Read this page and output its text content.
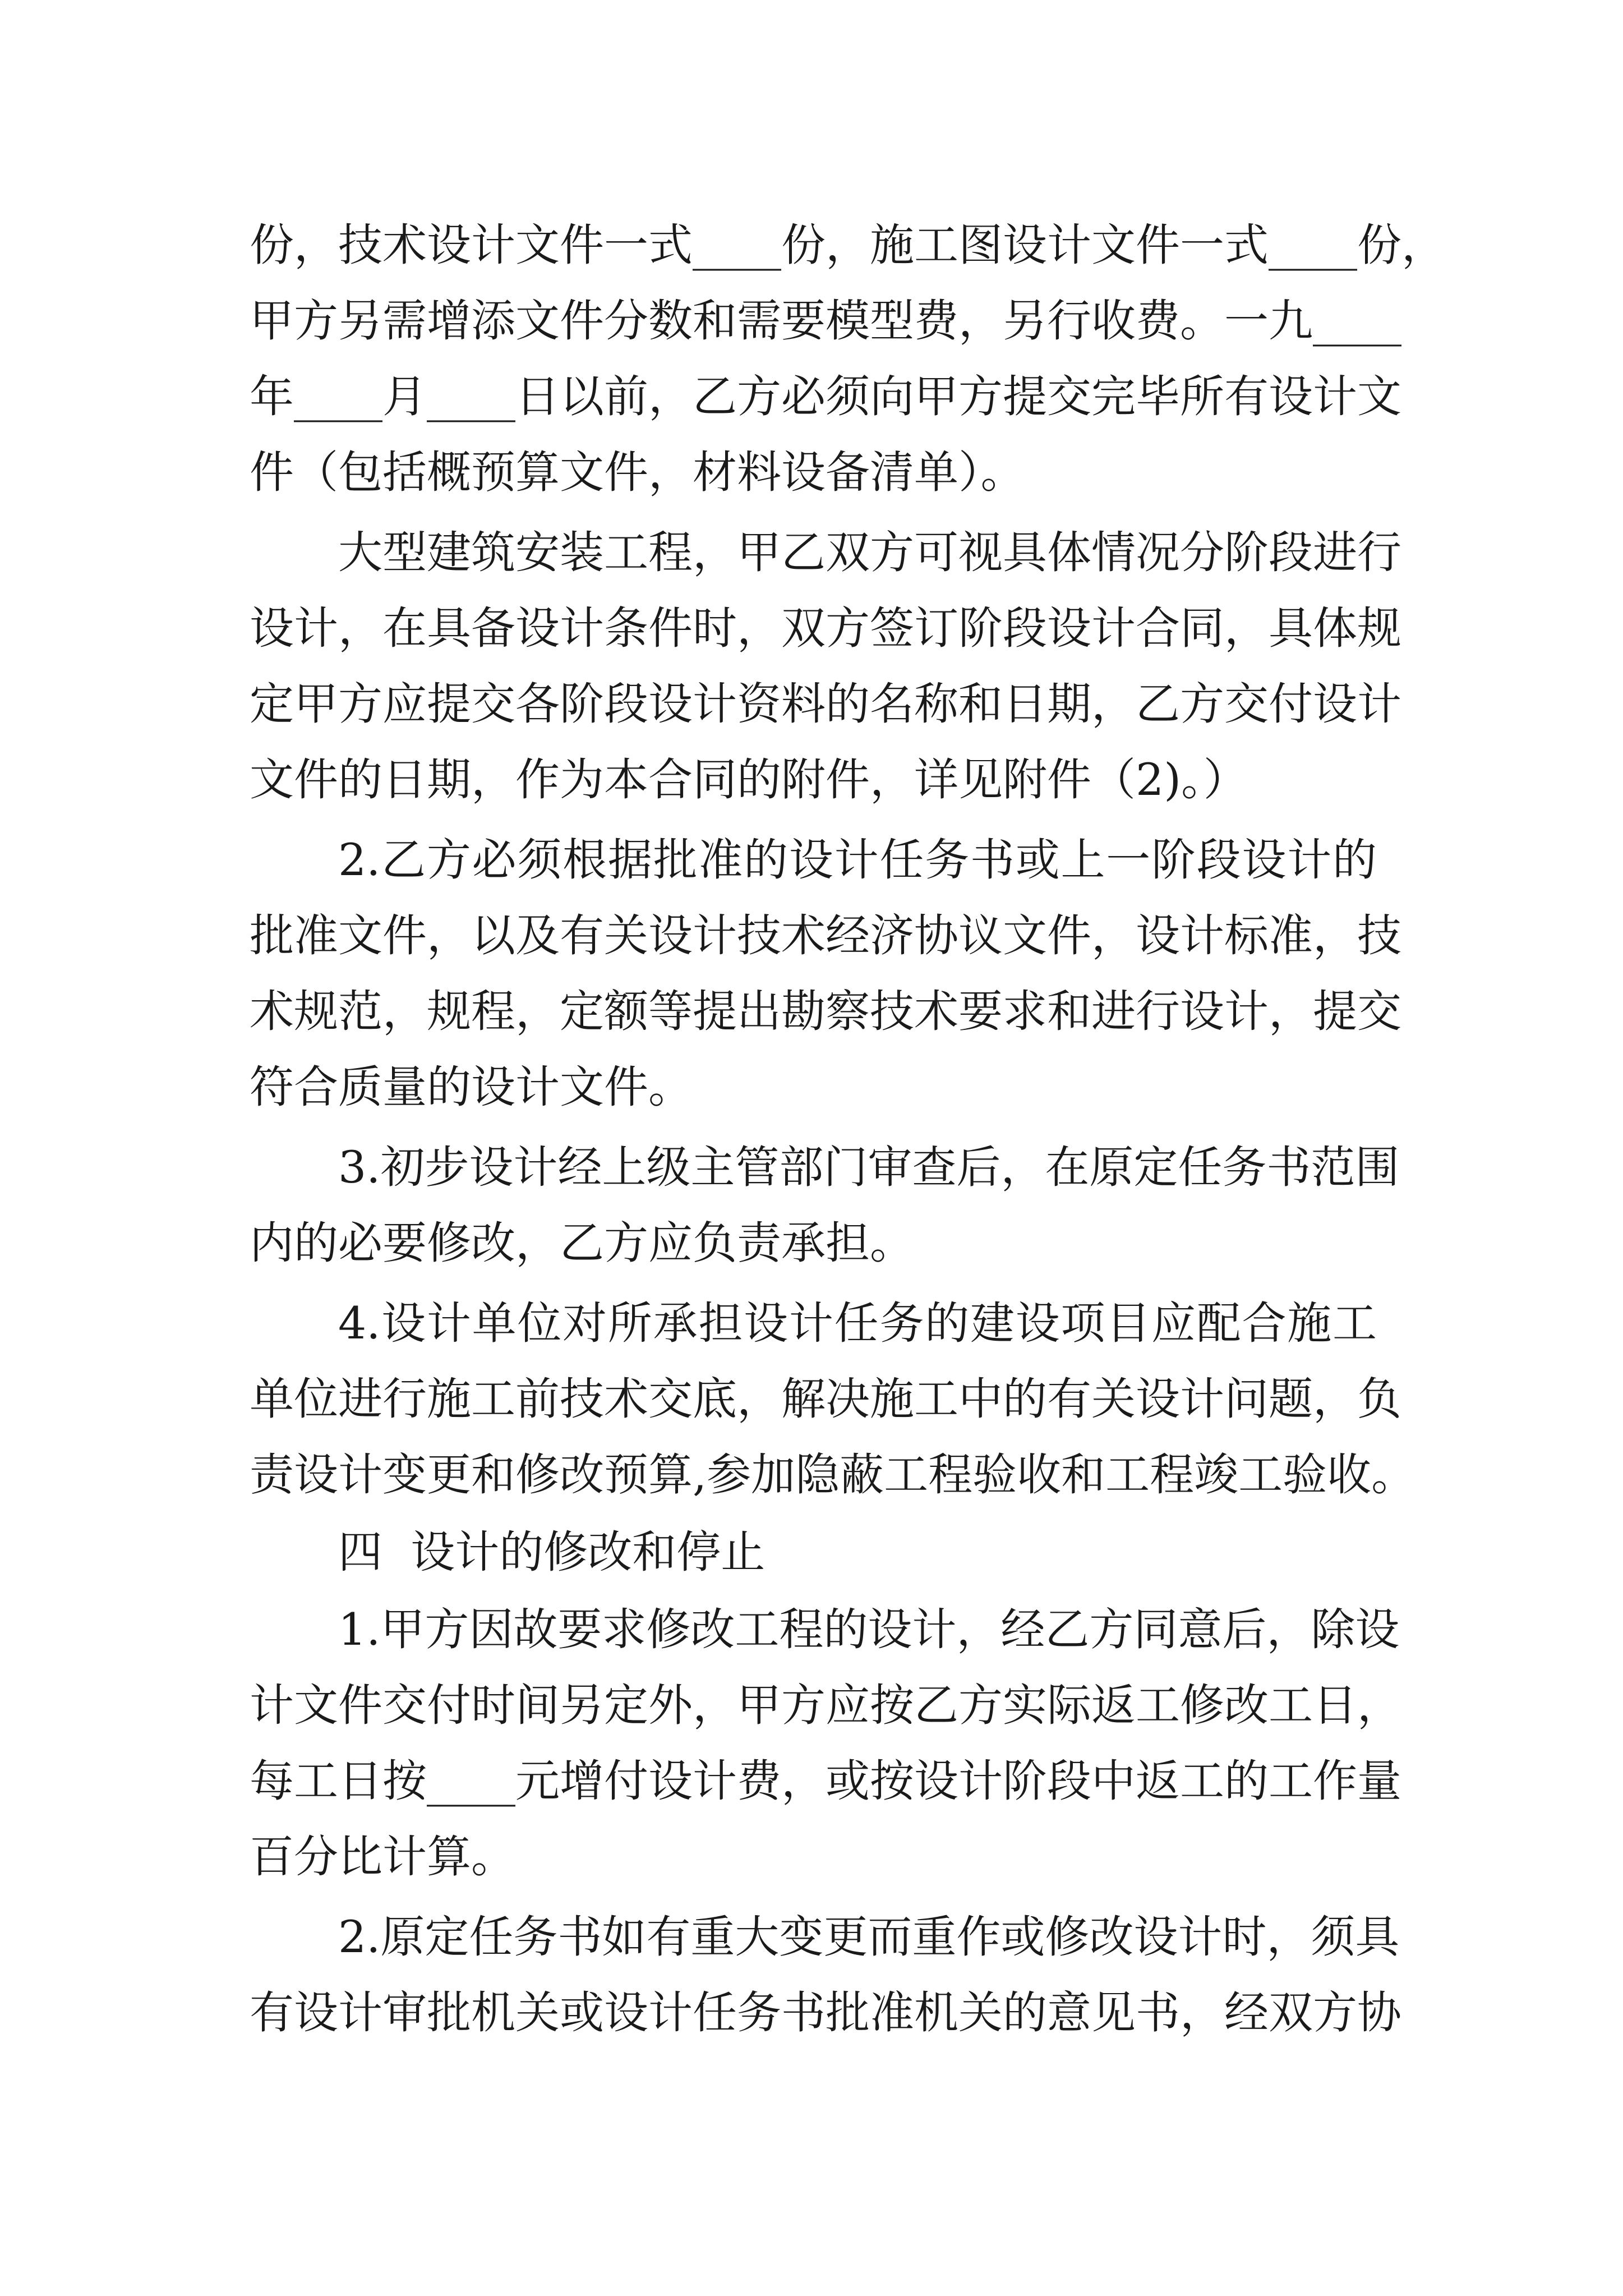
份，技术设计文件一式____份，施工图设计文件一式____份，
甲方另需增添文件分数和需要模型费，另行收费。一九____
年____月____日以前，乙方必须向甲方提交完毕所有设计文
件（包括概预算文件，材料设备清单）。
大型建筑安装工程，甲乙双方可视具体情况分阶段进行
设计，在具备设计条件时，双方签订阶段设计合同，具体规
定甲方应提交各阶段设计资料的名称和日期，乙方交付设计
文件的日期，作为本合同的附件，详见附件（2)。）
2.乙方必须根据批准的设计任务书或上一阶段设计的
批准文件，以及有关设计技术经济协议文件，设计标准，技
术规范，规程，定额等提出勘察技术要求和进行设计，提交
符合质量的设计文件。
3.初步设计经上级主管部门审查后，在原定任务书范围
内的必要修改，乙方应负责承担。
4.设计单位对所承担设计任务的建设项目应配合施工
单位进行施工前技术交底，解决施工中的有关设计问题，负
责设计变更和修改预算,参加隐蔽工程验收和工程竣工验收。
四  设计的修改和停止
1.甲方因故要求修改工程的设计，经乙方同意后，除设
计文件交付时间另定外，甲方应按乙方实际返工修改工日，
每工日按____元增付设计费，或按设计阶段中返工的工作量
百分比计算。
2.原定任务书如有重大变更而重作或修改设计时，须具
有设计审批机关或设计任务书批准机关的意见书，经双方协
